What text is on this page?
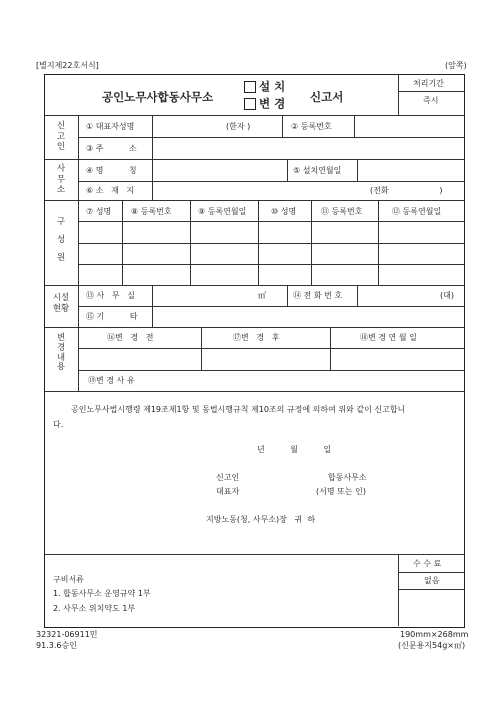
[별지제22호서식]	(앞쪽)
공인노무사합동사무소
설 치
변 경 신고서
처리기간
즉시
신
고
인
① 대표자성명	(한자 )	② 등록번호
③ 주          소
사
무
소
④ 명          칭	⑤ 설치연월일
⑥ 소   재   지	(전화                    )
구

성

원
⑦ 성명 ⑧ 등록번호	⑨ 등록연월일	⑩ 성명	⑪ 등록번호	⑫ 등록연월일
시설
현황
⑬ 사   무   실	㎡	⑭ 전 화 번 호	(대)
⑮ 기          타
변
경
내
용
⑯변   경   전	⑰변   경   후	⑱변 경 연 월 일
⑲변 경 사 유
공인노무사법시행령 제19조제1항 및 동법시행규칙 제10조의 규정에 의하여 위와 같이 신고합니
다.
년          월          일
신고인	합동사무소
대표자	(서명 또는 인)
지방노동(청, 사무소)장   귀  하
구비서류
1. 합동사무소 운영규약 1부
2. 사무소 위치약도 1부
수 수 료
없음
32321-06911민
91.3.6승인
190mm×268mm
(신문용지54g×㎡)
